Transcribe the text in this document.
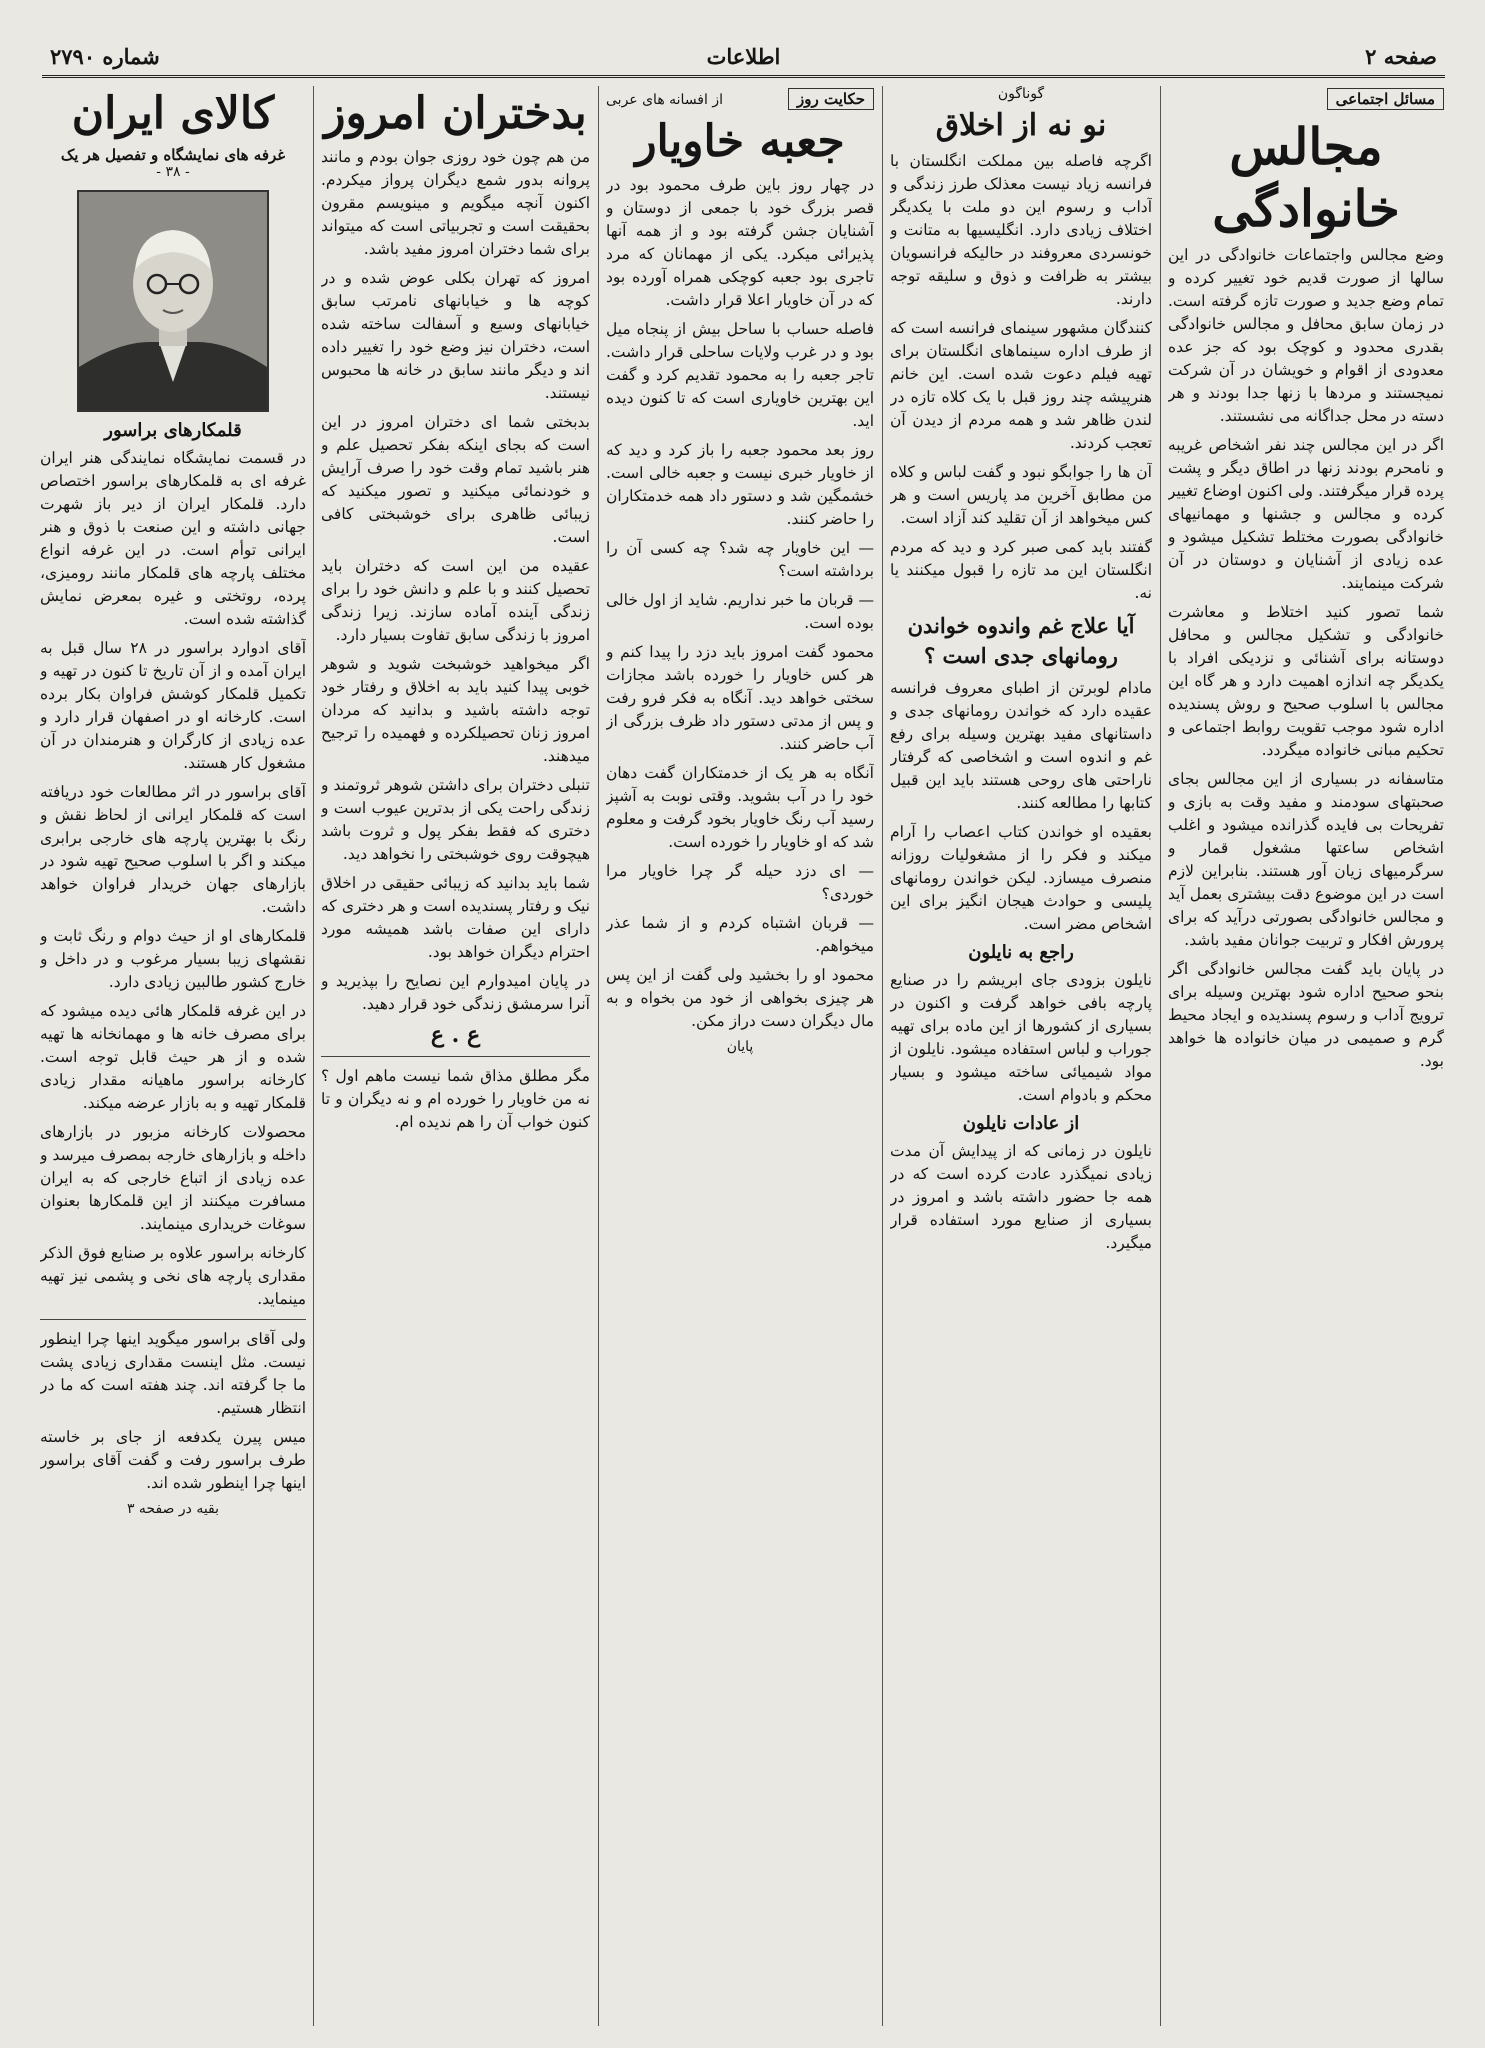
صفحه ۲
اطلاعات
شماره ۲۷۹۰
مسائل اجتماعی
مجالس خانوادگی

وضع مجالس واجتماعات خانوادگی در این سالها از صورت قدیم خود تغییر کرده و تمام وضع جدید و صورت تازه گرفته است. در زمان سابق محافل و مجالس خانوادگی بقدری محدود و کوچک بود که جز عده معدودی از اقوام و خویشان در آن شرکت نمیجستند و مردها با زنها جدا بودند و هر دسته در محل جداگانه می نشستند.

اگر در این مجالس چند نفر اشخاص غریبه و نامحرم بودند زنها در اطاق دیگر و پشت پرده قرار میگرفتند. ولی اکنون اوضاع تغییر کرده و مجالس و جشنها و مهمانیهای خانوادگی بصورت مختلط تشکیل میشود و عده زیادی از آشنایان و دوستان در آن شرکت مینمایند.

شما تصور کنید اختلاط و معاشرت خانوادگی و تشکیل مجالس و محافل دوستانه برای آشنائی و نزدیکی افراد با یکدیگر چه اندازه اهمیت دارد و هر گاه این مجالس با اسلوب صحیح و روش پسندیده اداره شود موجب تقویت روابط اجتماعی و تحکیم مبانی خانواده میگردد.

متاسفانه در بسیاری از این مجالس بجای صحبتهای سودمند و مفید وقت به بازی و تفریحات بی فایده گذرانده میشود و اغلب اشخاص ساعتها مشغول قمار و سرگرمیهای زیان آور هستند. بنابراین لازم است در این موضوع دقت بیشتری بعمل آید و مجالس خانوادگی بصورتی درآید که برای پرورش افکار و تربیت جوانان مفید باشد.

در پایان باید گفت مجالس خانوادگی اگر بنحو صحیح اداره شود بهترین وسیله برای ترویج آداب و رسوم پسندیده و ایجاد محیط گرم و صمیمی در میان خانواده ها خواهد بود.

گوناگون
نو نه از اخلاق

اگرچه فاصله بین مملکت انگلستان با فرانسه زیاد نیست معذلک طرز زندگی و آداب و رسوم این دو ملت با یکدیگر اختلاف زیادی دارد. انگلیسیها به متانت و خونسردی معروفند در حالیکه فرانسویان بیشتر به ظرافت و ذوق و سلیقه توجه دارند.

کنندگان مشهور سینمای فرانسه است که از طرف اداره سینماهای انگلستان برای تهیه فیلم دعوت شده است. این خانم هنرپیشه چند روز قبل با یک کلاه تازه در لندن ظاهر شد و همه مردم از دیدن آن تعجب کردند.

آن ها را جوابگو نبود و گفت لباس و کلاه من مطابق آخرین مد پاریس است و هر کس میخواهد از آن تقلید کند آزاد است.

گفتند باید کمی صبر کرد و دید که مردم انگلستان این مد تازه را قبول میکنند یا نه.

آیا علاج غم واندوه خواندن رومانهای جدی است ؟

مادام لوبرتن از اطبای معروف فرانسه عقیده دارد که خواندن رومانهای جدی و داستانهای مفید بهترین وسیله برای رفع غم و اندوه است و اشخاصی که گرفتار ناراحتی های روحی هستند باید این قبیل کتابها را مطالعه کنند.

بعقیده او خواندن کتاب اعصاب را آرام میکند و فکر را از مشغولیات روزانه منصرف میسازد. لیکن خواندن رومانهای پلیسی و حوادث هیجان انگیز برای این اشخاص مضر است.

راجع به نایلون

نایلون بزودی جای ابریشم را در صنایع پارچه بافی خواهد گرفت و اکنون در بسیاری از کشورها از این ماده برای تهیه جوراب و لباس استفاده میشود. نایلون از مواد شیمیائی ساخته میشود و بسیار محکم و بادوام است.

از عادات نایلون

نایلون در زمانی که از پیدایش آن مدت زیادی نمیگذرد عادت کرده است که در همه جا حضور داشته باشد و امروز در بسیاری از صنایع مورد استفاده قرار میگیرد.

حکایت روز
از افسانه های عربی
جعبه خاویار

در چهار روز باین طرف محمود بود در قصر بزرگ خود با جمعی از دوستان و آشنایان جشن گرفته بود و از همه آنها پذیرائی میکرد. یکی از مهمانان که مرد تاجری بود جعبه کوچکی همراه آورده بود که در آن خاویار اعلا قرار داشت.

فاصله حساب با ساحل بیش از پنجاه میل بود و در غرب ولایات ساحلی قرار داشت. تاجر جعبه را به محمود تقدیم کرد و گفت این بهترین خاویاری است که تا کنون دیده اید.

روز بعد محمود جعبه را باز کرد و دید که از خاویار خبری نیست و جعبه خالی است. خشمگین شد و دستور داد همه خدمتکاران را حاضر کنند.

— این خاویار چه شد؟ چه کسی آن را برداشته است؟

— قربان ما خبر نداریم. شاید از اول خالی بوده است.

محمود گفت امروز باید دزد را پیدا کنم و هر کس خاویار را خورده باشد مجازات سختی خواهد دید. آنگاه به فکر فرو رفت و پس از مدتی دستور داد ظرف بزرگی از آب حاضر کنند.

آنگاه به هر یک از خدمتکاران گفت دهان خود را در آب بشوید. وقتی نوبت به آشپز رسید آب رنگ خاویار بخود گرفت و معلوم شد که او خاویار را خورده است.

— ای دزد حیله گر چرا خاویار مرا خوردی؟

— قربان اشتباه کردم و از شما عذر میخواهم.

محمود او را بخشید ولی گفت از این پس هر چیزی بخواهی از خود من بخواه و به مال دیگران دست دراز مکن.

پایان
بدختران امروز

من هم چون خود روزی جوان بودم و مانند پروانه بدور شمع دیگران پرواز میکردم. اکنون آنچه میگویم و مینویسم مقرون بحقیقت است و تجربیاتی است که میتواند برای شما دختران امروز مفید باشد.

امروز که تهران بکلی عوض شده و در کوچه ها و خیابانهای نامرتب سابق خیابانهای وسیع و آسفالت ساخته شده است، دختران نیز وضع خود را تغییر داده اند و دیگر مانند سابق در خانه ها محبوس نیستند.

بدبختی شما ای دختران امروز در این است که بجای اینکه بفکر تحصیل علم و هنر باشید تمام وقت خود را صرف آرایش و خودنمائی میکنید و تصور میکنید که زیبائی ظاهری برای خوشبختی کافی است.

عقیده من این است که دختران باید تحصیل کنند و با علم و دانش خود را برای زندگی آینده آماده سازند. زیرا زندگی امروز با زندگی سابق تفاوت بسیار دارد.

اگر میخواهید خوشبخت شوید و شوهر خوبی پیدا کنید باید به اخلاق و رفتار خود توجه داشته باشید و بدانید که مردان امروز زنان تحصیلکرده و فهمیده را ترجیح میدهند.

تنبلی دختران برای داشتن شوهر ثروتمند و زندگی راحت یکی از بدترین عیوب است و دختری که فقط بفکر پول و ثروت باشد هیچوقت روی خوشبختی را نخواهد دید.

شما باید بدانید که زیبائی حقیقی در اخلاق نیک و رفتار پسندیده است و هر دختری که دارای این صفات باشد همیشه مورد احترام دیگران خواهد بود.

در پایان امیدوارم این نصایح را بپذیرید و آنرا سرمشق زندگی خود قرار دهید.

ع . ع

مگر مطلق مذاق شما نیست ماهم اول ؟ نه من خاویار را خورده ام و نه دیگران و تا کنون خواب آن را هم ندیده ام.

کالای ایران
غرفه های نمایشگاه و تفصیل هر یک
- ۳۸ -
قلمکارهای براسور

در قسمت نمایشگاه نمایندگی هنر ایران غرفه ای به قلمکارهای براسور اختصاص دارد. قلمکار ایران از دیر باز شهرت جهانی داشته و این صنعت با ذوق و هنر ایرانی توأم است. در این غرفه انواع مختلف پارچه های قلمکار مانند رومیزی، پرده، روتختی و غیره بمعرض نمایش گذاشته شده است.

آقای ادوارد براسور در ۲۸ سال قبل به ایران آمده و از آن تاریخ تا کنون در تهیه و تکمیل قلمکار کوشش فراوان بکار برده است. کارخانه او در اصفهان قرار دارد و عده زیادی از کارگران و هنرمندان در آن مشغول کار هستند.

آقای براسور در اثر مطالعات خود دریافته است که قلمکار ایرانی از لحاظ نقش و رنگ با بهترین پارچه های خارجی برابری میکند و اگر با اسلوب صحیح تهیه شود در بازارهای جهان خریدار فراوان خواهد داشت.

قلمکارهای او از حیث دوام و رنگ ثابت و نقشهای زیبا بسیار مرغوب و در داخل و خارج کشور طالبین زیادی دارد.

در این غرفه قلمکار هائی دیده میشود که برای مصرف خانه ها و مهمانخانه ها تهیه شده و از هر حیث قابل توجه است. کارخانه براسور ماهیانه مقدار زیادی قلمکار تهیه و به بازار عرضه میکند.

محصولات کارخانه مزبور در بازارهای داخله و بازارهای خارجه بمصرف میرسد و عده زیادی از اتباع خارجی که به ایران مسافرت میکنند از این قلمکارها بعنوان سوغات خریداری مینمایند.

کارخانه براسور علاوه بر صنایع فوق الذکر مقداری پارچه های نخی و پشمی نیز تهیه مینماید.

ولی آقای براسور میگوید اینها چرا اینطور نیست. مثل اینست مقداری زیادی پشت ما جا گرفته اند. چند هفته است که ما در انتظار هستیم.

میس پیرن یکدفعه از جای بر خاسته طرف براسور رفت و گفت آقای براسور اینها چرا اینطور شده اند.

بقیه در صفحه ۳
